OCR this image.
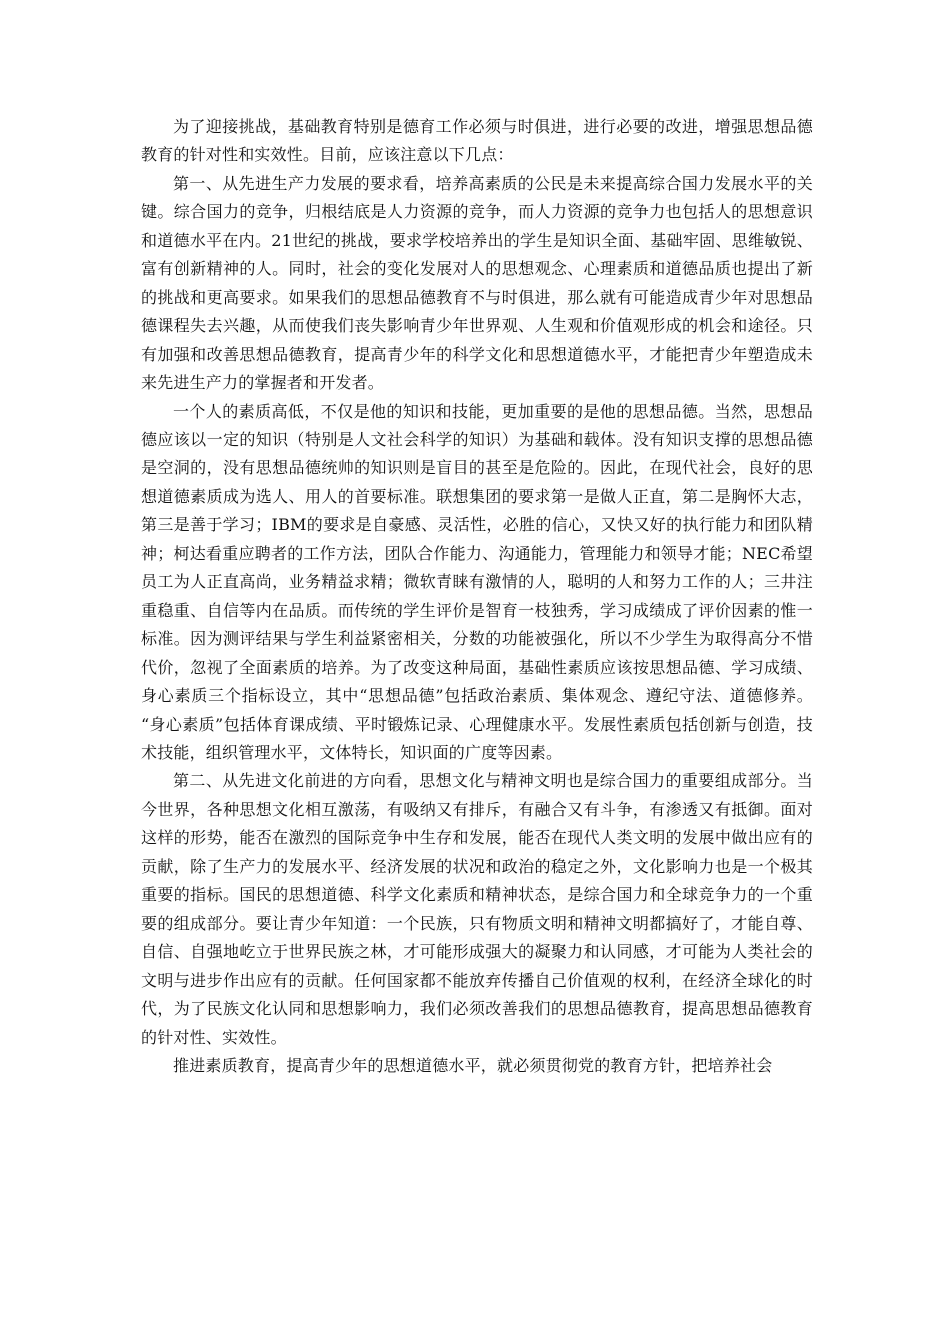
为了迎接挑战，基础教育特别是德育工作必须与时俱进，进行必要的改进，增强思想品德教育的针对性和实效性。目前，应该注意以下几点：

第一、从先进生产力发展的要求看，培养高素质的公民是未来提高综合国力发展水平的关键。综合国力的竞争，归根结底是人力资源的竞争，而人力资源的竞争力也包括人的思想意识和道德水平在内。21世纪的挑战，要求学校培养出的学生是知识全面、基础牢固、思维敏锐、富有创新精神的人。同时，社会的变化发展对人的思想观念、心理素质和道德品质也提出了新的挑战和更高要求。如果我们的思想品德教育不与时俱进，那么就有可能造成青少年对思想品德课程失去兴趣，从而使我们丧失影响青少年世界观、人生观和价值观形成的机会和途径。只有加强和改善思想品德教育，提高青少年的科学文化和思想道德水平，才能把青少年塑造成未来先进生产力的掌握者和开发者。

一个人的素质高低，不仅是他的知识和技能，更加重要的是他的思想品德。当然，思想品德应该以一定的知识（特别是人文社会科学的知识）为基础和载体。没有知识支撑的思想品德是空洞的，没有思想品德统帅的知识则是盲目的甚至是危险的。因此，在现代社会，良好的思想道德素质成为选人、用人的首要标准。联想集团的要求第一是做人正直，第二是胸怀大志，第三是善于学习；IBM的要求是自豪感、灵活性，必胜的信心，又快又好的执行能力和团队精神；柯达看重应聘者的工作方法，团队合作能力、沟通能力，管理能力和领导才能；NEC希望员工为人正直高尚，业务精益求精；微软青睐有激情的人，聪明的人和努力工作的人；三井注重稳重、自信等内在品质。而传统的学生评价是智育一枝独秀，学习成绩成了评价因素的惟一标准。因为测评结果与学生利益紧密相关，分数的功能被强化，所以不少学生为取得高分不惜代价，忽视了全面素质的培养。为了改变这种局面，基础性素质应该按思想品德、学习成绩、身心素质三个指标设立，其中“思想品德”包括政治素质、集体观念、遵纪守法、道德修养。 “身心素质”包括体育课成绩、平时锻炼记录、心理健康水平。发展性素质包括创新与创造，技术技能，组织管理水平，文体特长，知识面的广度等因素。

第二、从先进文化前进的方向看，思想文化与精神文明也是综合国力的重要组成部分。当今世界，各种思想文化相互激荡，有吸纳又有排斥，有融合又有斗争，有渗透又有抵御。面对这样的形势，能否在激烈的国际竞争中生存和发展，能否在现代人类文明的发展中做出应有的贡献，除了生产力的发展水平、经济发展的状况和政治的稳定之外，文化影响力也是一个极其重要的指标。国民的思想道德、科学文化素质和精神状态，是综合国力和全球竞争力的一个重要的组成部分。要让青少年知道：一个民族，只有物质文明和精神文明都搞好了，才能自尊、自信、自强地屹立于世界民族之林，才可能形成强大的凝聚力和认同感，才可能为人类社会的文明与进步作出应有的贡献。任何国家都不能放弃传播自己价值观的权利，在经济全球化的时代，为了民族文化认同和思想影响力，我们必须改善我们的思想品德教育，提高思想品德教育的针对性、实效性。

推进素质教育，提高青少年的思想道德水平，就必须贯彻党的教育方针，把培养社会
